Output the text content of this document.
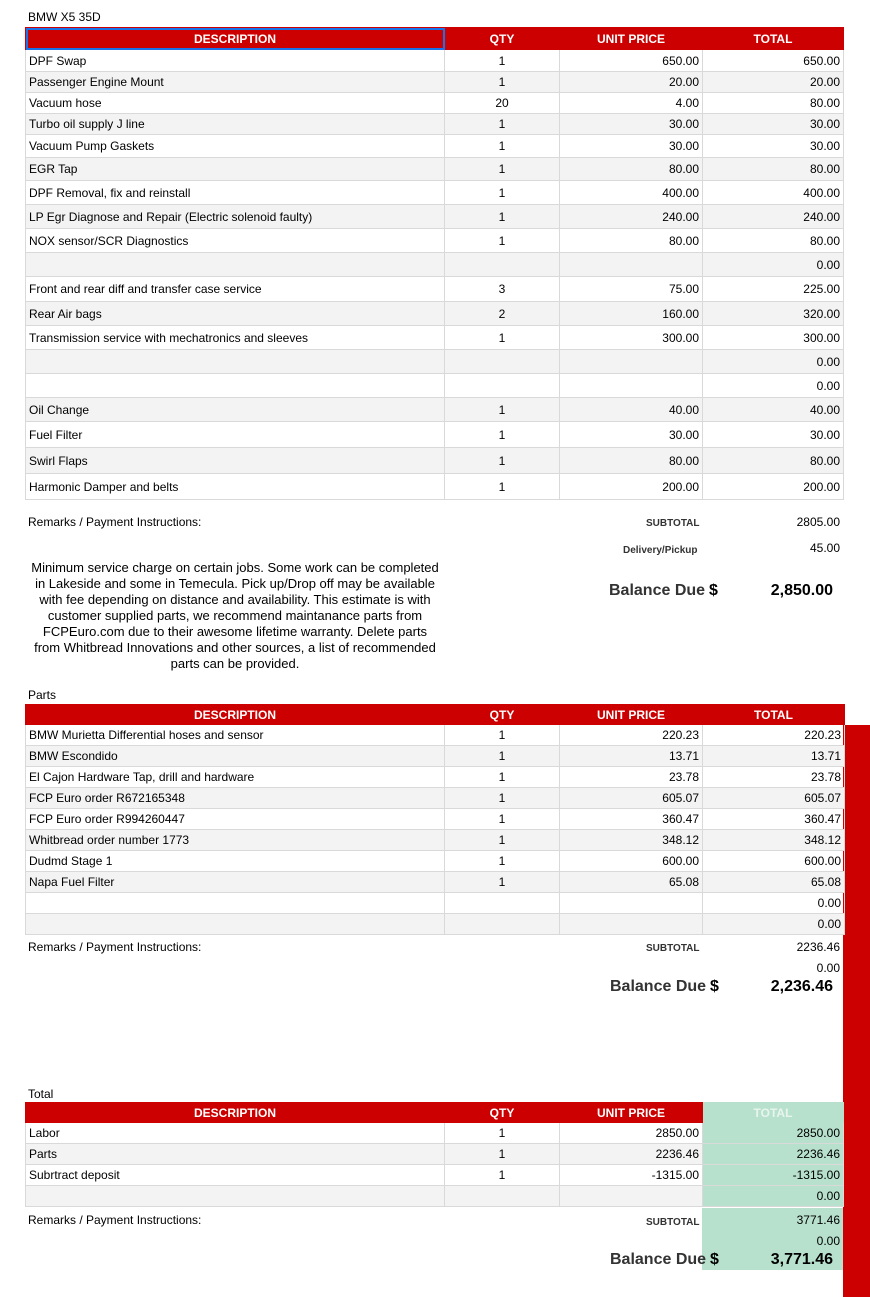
BMW X5 35D
DESCRIPTION	QTY	UNIT PRICE	TOTAL
DPF Swap	1	650.00	650.00
Passenger Engine Mount	1	20.00	20.00
Vacuum hose	20	4.00	80.00
Turbo oil supply J line	1	30.00	30.00
Vacuum Pump Gaskets	1	30.00	30.00
EGR Tap	1	80.00	80.00
DPF Removal, fix and reinstall	1	400.00	400.00
LP Egr Diagnose and Repair (Electric solenoid faulty)	1	240.00	240.00
NOX sensor/SCR Diagnostics	1	80.00	80.00
			0.00
Front and rear diff and transfer case service	3	75.00	225.00
Rear Air bags	2	160.00	320.00
Transmission service with mechatronics and sleeves	1	300.00	300.00
			0.00
			0.00
Oil Change	1	40.00	40.00
Fuel Filter	1	30.00	30.00
Swirl Flaps	1	80.00	80.00
Harmonic Damper and belts	1	200.00	200.00
Remarks / Payment Instructions:	SUBTOTAL	2805.00
Delivery/Pickup	45.00
Minimum service charge on certain jobs. Some work can be completed
in Lakeside and some in Temecula. Pick up/Drop off may be available
with fee depending on distance and availability. This estimate is with
customer supplied parts, we recommend maintanance parts from
FCPEuro.com due to their awesome lifetime warranty. Delete parts
from Whitbread Innovations and other sources, a list of recommended
parts can be provided.
Balance Due $	2,850.00
Parts
DESCRIPTION	QTY	UNIT PRICE	TOTAL
BMW Murietta Differential hoses and sensor	1	220.23	220.23
BMW Escondido	1	13.71	13.71
El Cajon Hardware Tap, drill and hardware	1	23.78	23.78
FCP Euro order R672165348	1	605.07	605.07
FCP Euro order R994260447	1	360.47	360.47
Whitbread order number 1773	1	348.12	348.12
Dudmd Stage 1	1	600.00	600.00
Napa Fuel Filter	1	65.08	65.08
			0.00
			0.00
Remarks / Payment Instructions:	SUBTOTAL	2236.46
0.00
Balance Due $	2,236.46
Total
DESCRIPTION	QTY	UNIT PRICE	TOTAL
Labor	1	2850.00	2850.00
Parts	1	2236.46	2236.46
Subrtract deposit	1	-1315.00	-1315.00
			0.00
Remarks / Payment Instructions:	SUBTOTAL	3771.46
0.00
Balance Due $	3,771.46
